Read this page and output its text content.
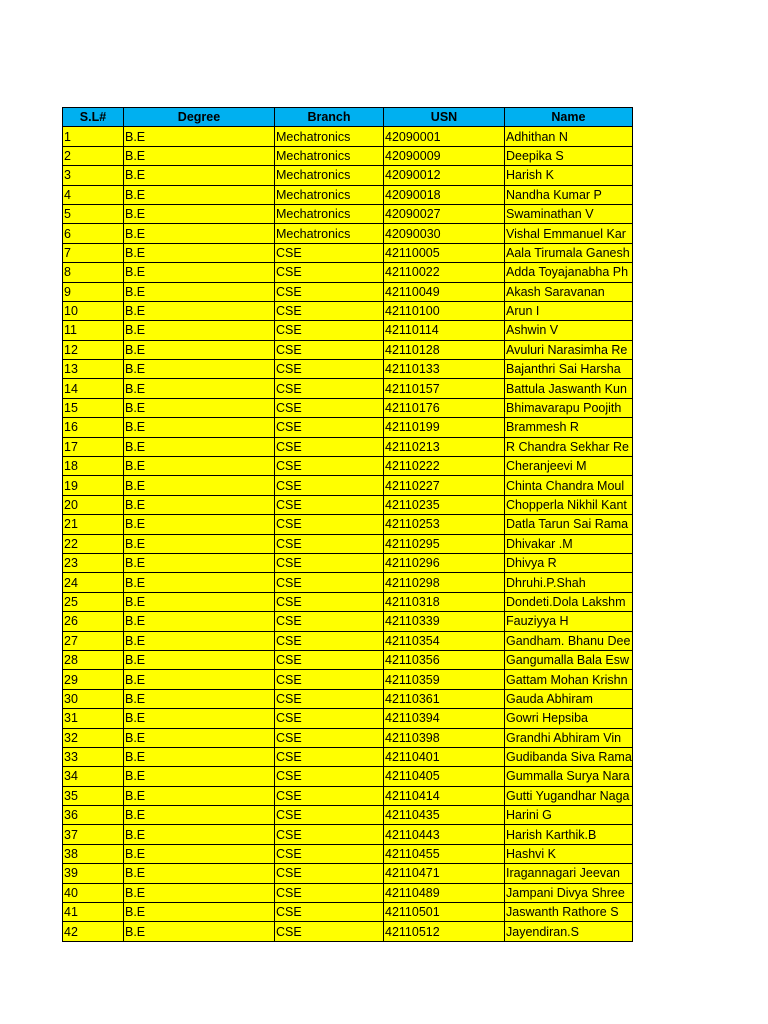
S.L#	Degree	Branch	USN	Name
1	B.E	Mechatronics	42090001	Adhithan N
2	B.E	Mechatronics	42090009	Deepika S
3	B.E	Mechatronics	42090012	Harish K
4	B.E	Mechatronics	42090018	Nandha Kumar P
5	B.E	Mechatronics	42090027	Swaminathan V
6	B.E	Mechatronics	42090030	Vishal Emmanuel Kar
7	B.E	CSE	42110005	Aala Tirumala Ganesh
8	B.E	CSE	42110022	Adda Toyajanabha Ph
9	B.E	CSE	42110049	Akash Saravanan
10	B.E	CSE	42110100	Arun I
11	B.E	CSE	42110114	Ashwin V
12	B.E	CSE	42110128	Avuluri Narasimha Re
13	B.E	CSE	42110133	Bajanthri Sai Harsha
14	B.E	CSE	42110157	Battula Jaswanth Kun
15	B.E	CSE	42110176	Bhimavarapu Poojith
16	B.E	CSE	42110199	Brammesh R
17	B.E	CSE	42110213	R Chandra Sekhar Re
18	B.E	CSE	42110222	Cheranjeevi M
19	B.E	CSE	42110227	Chinta Chandra Moul
20	B.E	CSE	42110235	Chopperla Nikhil Kant
21	B.E	CSE	42110253	Datla Tarun Sai Rama
22	B.E	CSE	42110295	Dhivakar .M
23	B.E	CSE	42110296	Dhivya R
24	B.E	CSE	42110298	Dhruhi.P.Shah
25	B.E	CSE	42110318	Dondeti.Dola Lakshm
26	B.E	CSE	42110339	Fauziyya H
27	B.E	CSE	42110354	Gandham. Bhanu Dee
28	B.E	CSE	42110356	Gangumalla Bala Esw
29	B.E	CSE	42110359	Gattam Mohan Krishn
30	B.E	CSE	42110361	Gauda Abhiram
31	B.E	CSE	42110394	Gowri Hepsiba
32	B.E	CSE	42110398	Grandhi Abhiram Vin
33	B.E	CSE	42110401	Gudibanda Siva Rama
34	B.E	CSE	42110405	Gummalla Surya Nara
35	B.E	CSE	42110414	Gutti Yugandhar Naga
36	B.E	CSE	42110435	Harini G
37	B.E	CSE	42110443	Harish Karthik.B
38	B.E	CSE	42110455	Hashvi K
39	B.E	CSE	42110471	Iragannagari Jeevan
40	B.E	CSE	42110489	Jampani Divya Shree
41	B.E	CSE	42110501	Jaswanth Rathore S
42	B.E	CSE	42110512	Jayendiran.S
